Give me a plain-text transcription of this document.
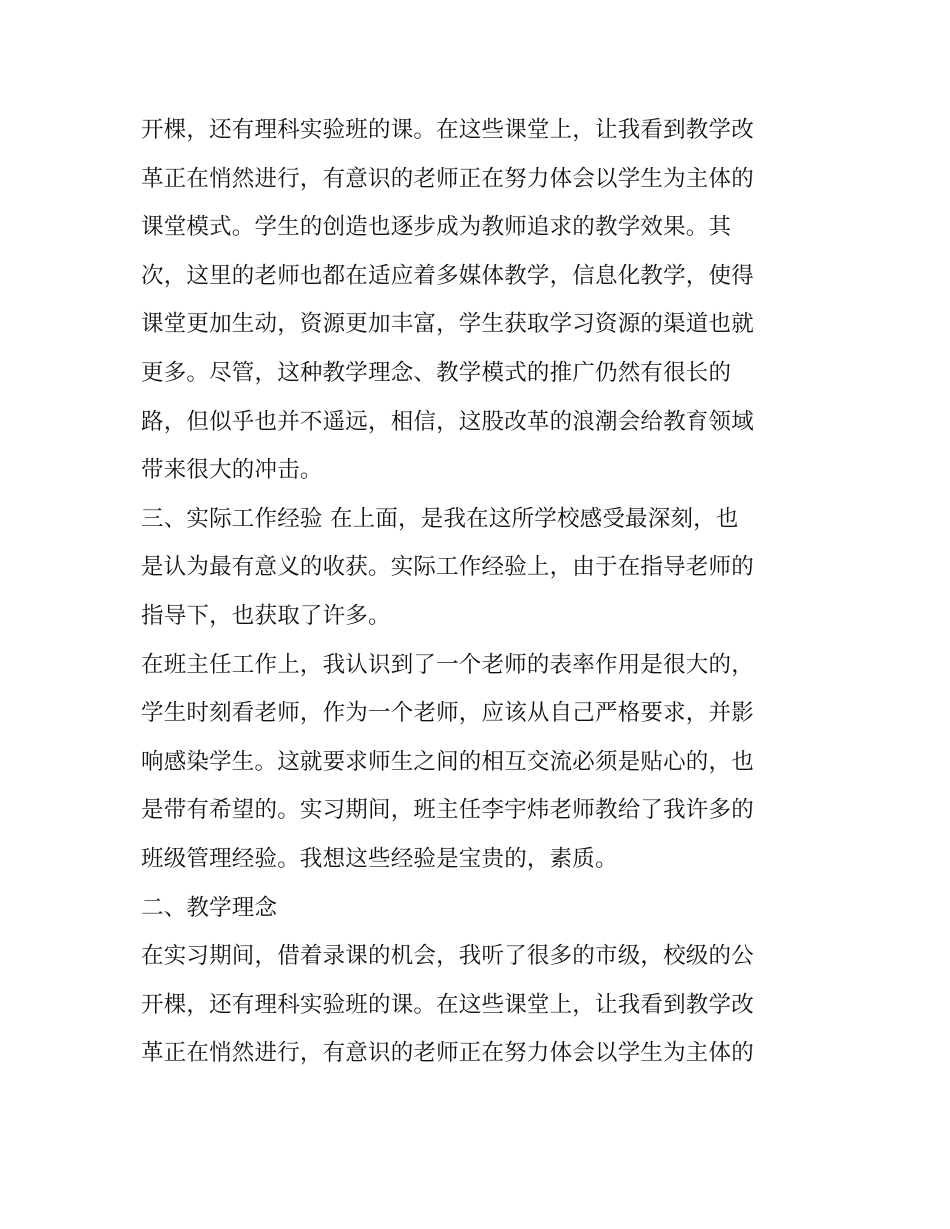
开棵，还有理科实验班的课。在这些课堂上，让我看到教学改
革正在悄然进行，有意识的老师正在努力体会以学生为主体的
课堂模式。学生的创造也逐步成为教师追求的教学效果。其
次，这里的老师也都在适应着多媒体教学，信息化教学，使得
课堂更加生动，资源更加丰富，学生获取学习资源的渠道也就
更多。尽管，这种教学理念、教学模式的推广仍然有很长的
路，但似乎也并不遥远，相信，这股改革的浪潮会给教育领域
带来很大的冲击。
三、实际工作经验 在上面，是我在这所学校感受最深刻，也
是认为最有意义的收获。实际工作经验上，由于在指导老师的
指导下，也获取了许多。
在班主任工作上，我认识到了一个老师的表率作用是很大的，
学生时刻看老师，作为一个老师，应该从自己严格要求，并影
响感染学生。这就要求师生之间的相互交流必须是贴心的，也
是带有希望的。实习期间，班主任李宇炜老师教给了我许多的
班级管理经验。我想这些经验是宝贵的，素质。
二、教学理念
在实习期间，借着录课的机会，我听了很多的市级，校级的公
开棵，还有理科实验班的课。在这些课堂上，让我看到教学改
革正在悄然进行，有意识的老师正在努力体会以学生为主体的
